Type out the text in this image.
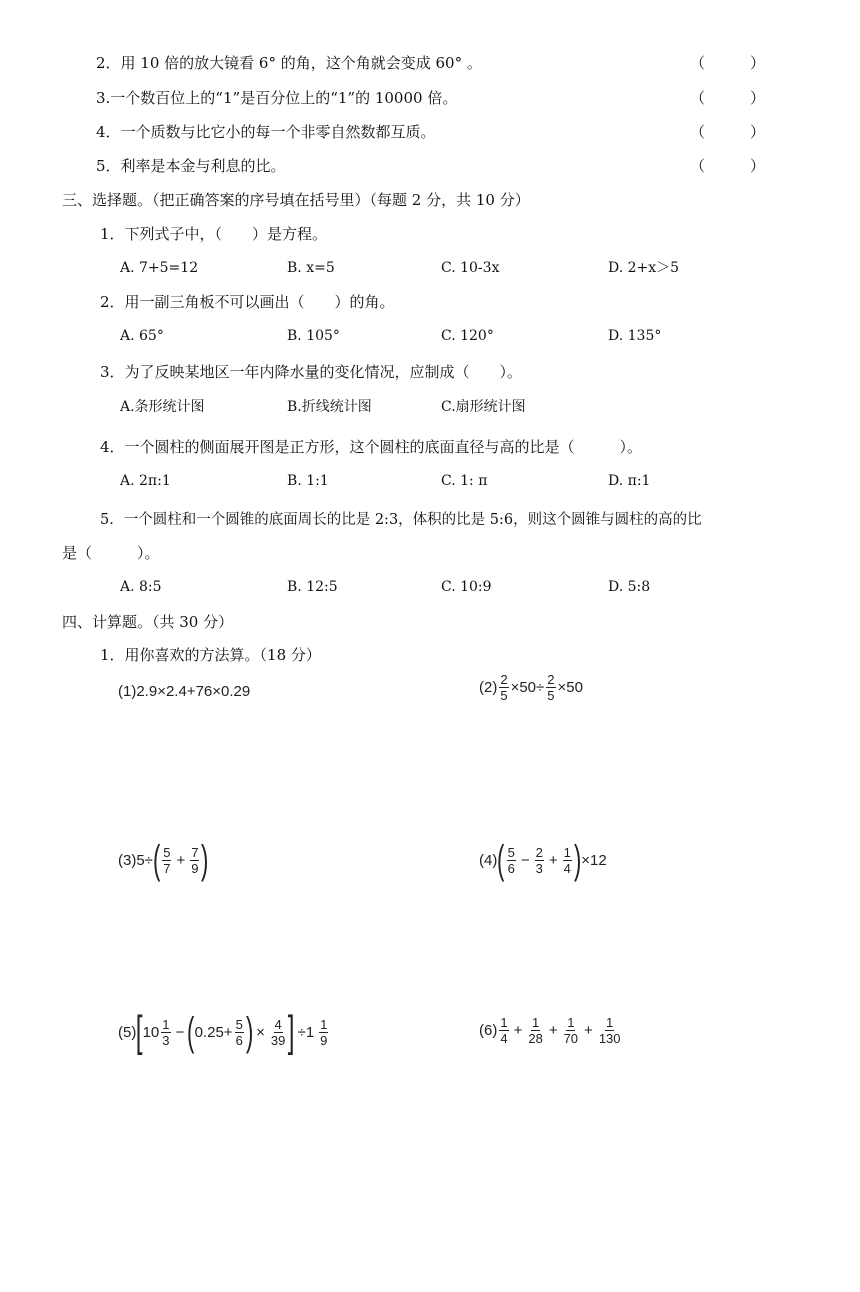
2．用 10 倍的放大镜看 6° 的角，这个角就会变成 60° 。	（　　　）
3.一个数百位上的“1”是百分位上的“1”的 10000 倍。	（　　　）
4．一个质数与比它小的每一个非零自然数都互质。	（　　　）
5．利率是本金与利息的比。	（　　　）
三、选择题。（把正确答案的序号填在括号里）（每题 2 分，共 10 分）
1．下列式子中，（　　）是方程。
A. 7+5=12	B. x=5	C. 10-3x	D. 2+x＞5
2．用一副三角板不可以画出（　　）的角。
A. 65°	B. 105°	C. 120°	D. 135°
3．为了反映某地区一年内降水量的变化情况，应制成（　　）。
A.条形统计图	B.折线统计图	C.扇形统计图
4．一个圆柱的侧面展开图是正方形，这个圆柱的底面直径与高的比是（　　　）。
A. 2π:1	B. 1:1	C. 1: π	D. π:1
5．一个圆柱和一个圆锥的底面周长的比是 2:3，体积的比是 5:6，则这个圆锥与圆柱的高的比
是（　　　）。
A. 8:5	B. 12:5	C. 10:9	D. 5:8
四、计算题。（共 30 分）
1．用你喜欢的方法算。（18 分）
(1) 2.9×2.4+76×0.29	$(2) \frac{2}{5} \times 50\div \frac{2}{5} \times 50$
(3) 5÷ ( $\frac{5}{7} + \frac{7}{9}$ )	(4) ( $\frac{5}{6} - \frac{2}{3} + \frac{1}{4}$ ) ×12
(5) [ $10 \frac{1}{3}$ − ( $0.25+ \frac{5}{6}$ ) × $\frac{4}{39}$ ] $\div 1 \frac{1}{9}$	$(6) \frac{1}{4} + \frac{1}{28} + \frac{1}{70} + \frac{1}{130}$
